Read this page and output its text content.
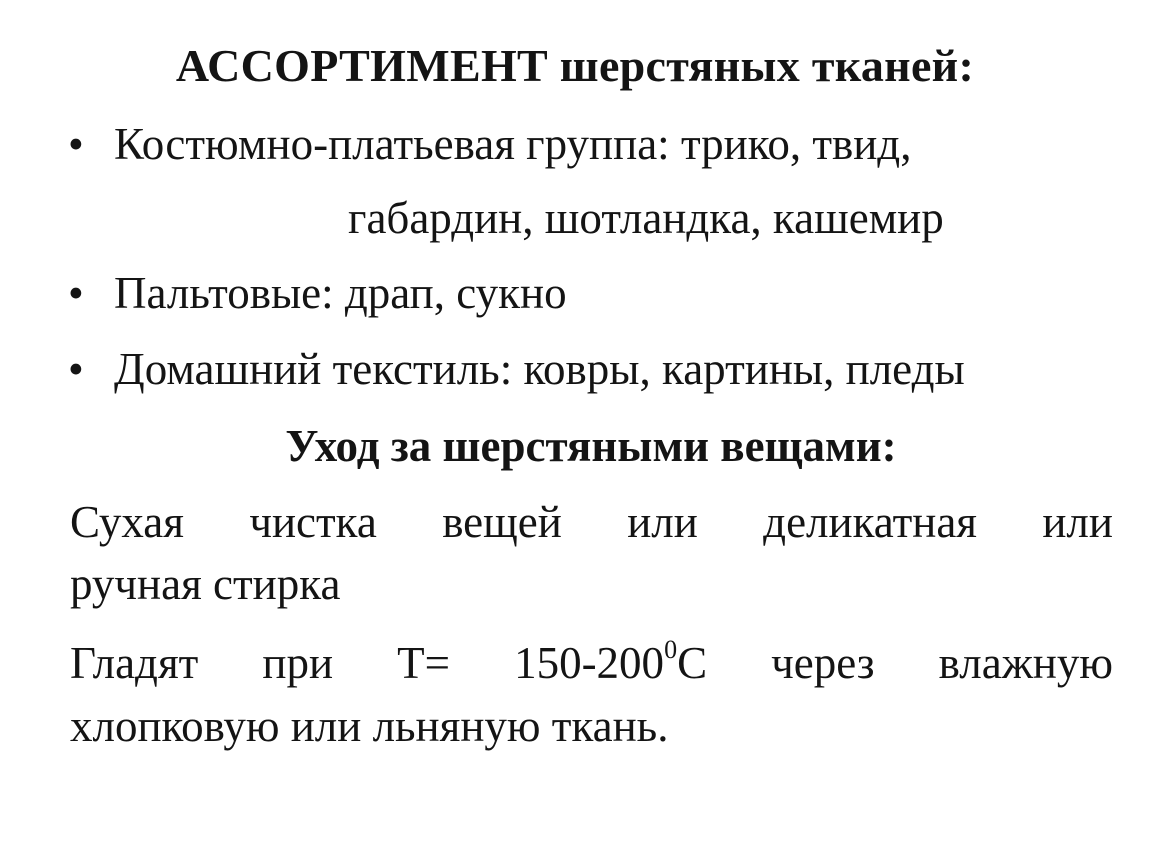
АССОРТИМЕНТ шерстяных тканей:
• Костюмно-платьевая группа: трико, твид,
габардин, шотландка, кашемир
• Пальтовые: драп, сукно
• Домашний текстиль: ковры, картины, пледы
Уход за шерстяными вещами:
Сухая чистка вещей или деликатная или
ручная стирка
Гладят при $Т= 150-200^0С$ через влажную
хлопковую или льняную ткань.
